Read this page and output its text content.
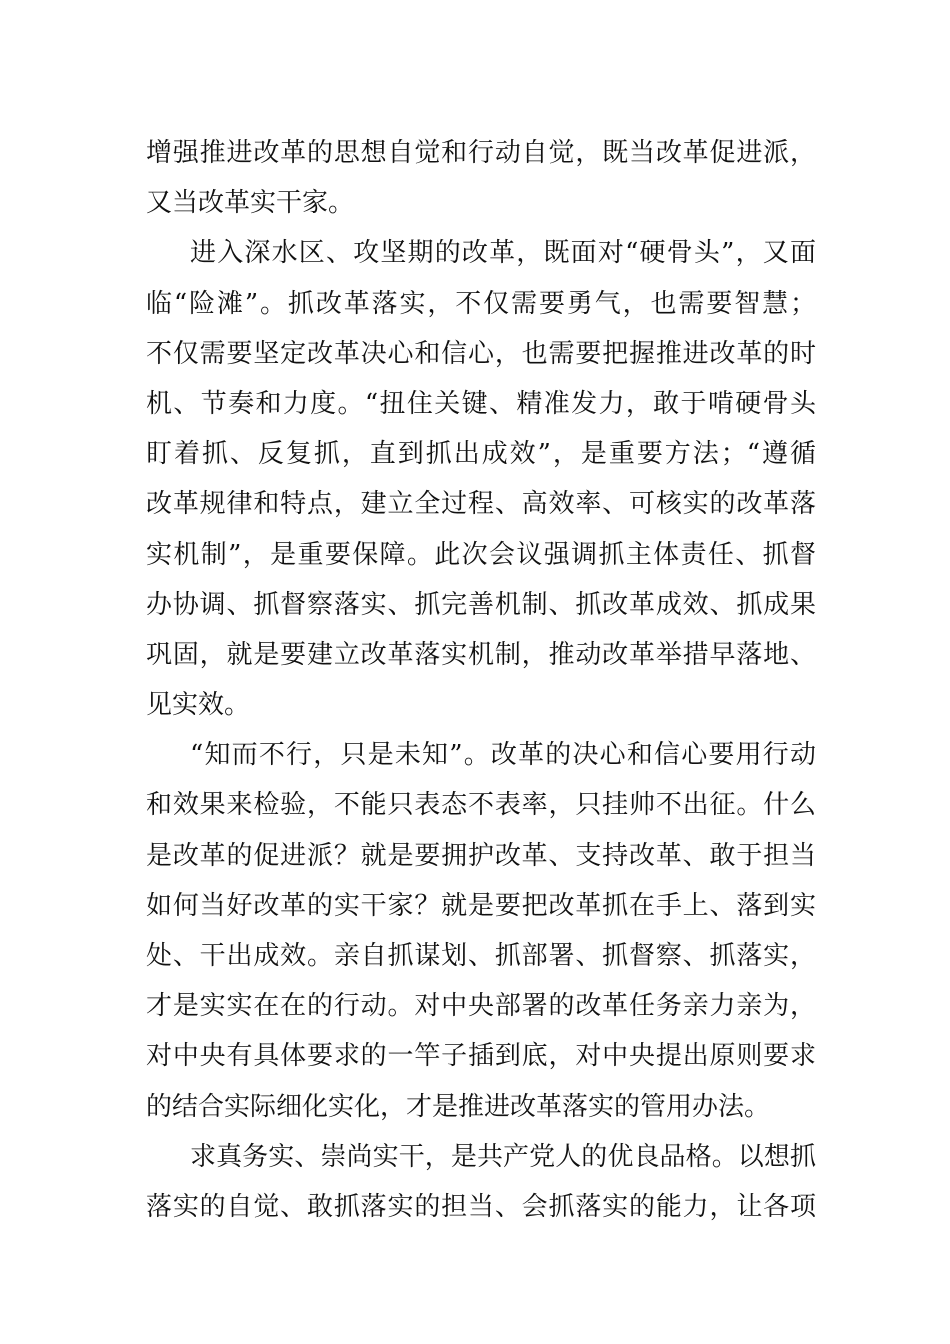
增强推进改革的思想自觉和行动自觉，既当改革促进派，
又当改革实干家。
进入深水区、攻坚期的改革，既面对“硬骨头”，又面
临“险滩”。抓改革落实，不仅需要勇气，也需要智慧；
不仅需要坚定改革决心和信心，也需要把握推进改革的时
机、节奏和力度。“扭住关键、精准发力，敢于啃硬骨头
盯着抓、反复抓，直到抓出成效”，是重要方法；“遵循
改革规律和特点，建立全过程、高效率、可核实的改革落
实机制”，是重要保障。此次会议强调抓主体责任、抓督
办协调、抓督察落实、抓完善机制、抓改革成效、抓成果
巩固，就是要建立改革落实机制，推动改革举措早落地、
见实效。
“知而不行，只是未知”。改革的决心和信心要用行动
和效果来检验，不能只表态不表率，只挂帅不出征。什么
是改革的促进派？就是要拥护改革、支持改革、敢于担当
如何当好改革的实干家？就是要把改革抓在手上、落到实
处、干出成效。亲自抓谋划、抓部署、抓督察、抓落实，
才是实实在在的行动。对中央部署的改革任务亲力亲为，
对中央有具体要求的一竿子插到底，对中央提出原则要求
的结合实际细化实化，才是推进改革落实的管用办法。
求真务实、崇尚实干，是共产党人的优良品格。以想抓
落实的自觉、敢抓落实的担当、会抓落实的能力，让各项
